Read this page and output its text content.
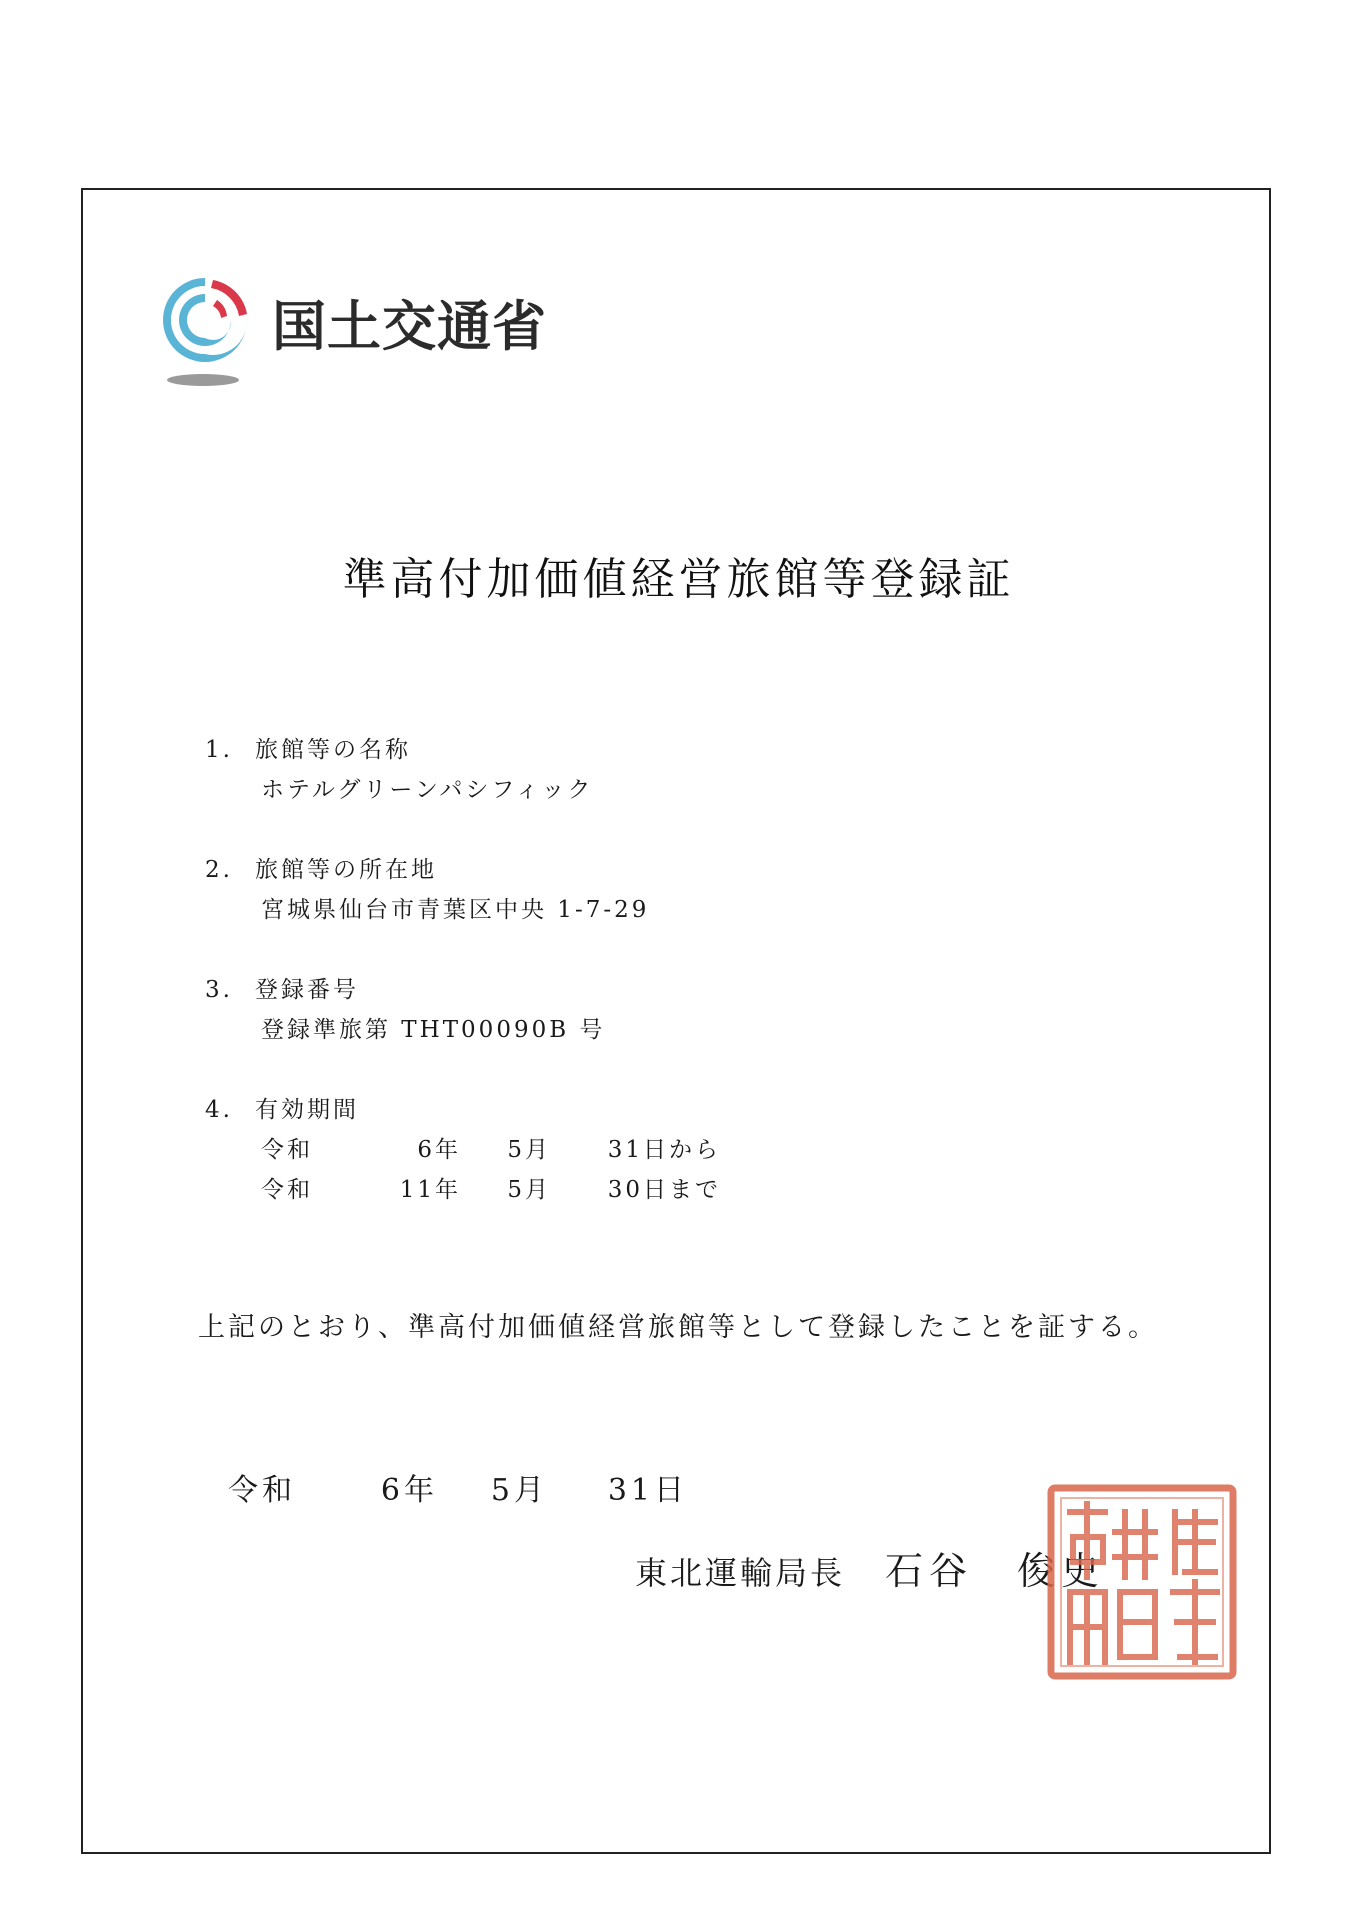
国土交通省
準高付加価値経営旅館等登録証
1. 旅館等の名称
ホテルグリーンパシフィック
2. 旅館等の所在地
宮城県仙台市青葉区中央 1-7-29
3. 登録番号
登録準旅第 THT00090B 号
4. 有効期間
令和	6年	5月	31日から
令和	11年	5月	30日まで
上記のとおり、準高付加価値経営旅館等として登録したことを証する。
令和	6年	5月	31日
東北運輸局長 石谷　俊史
